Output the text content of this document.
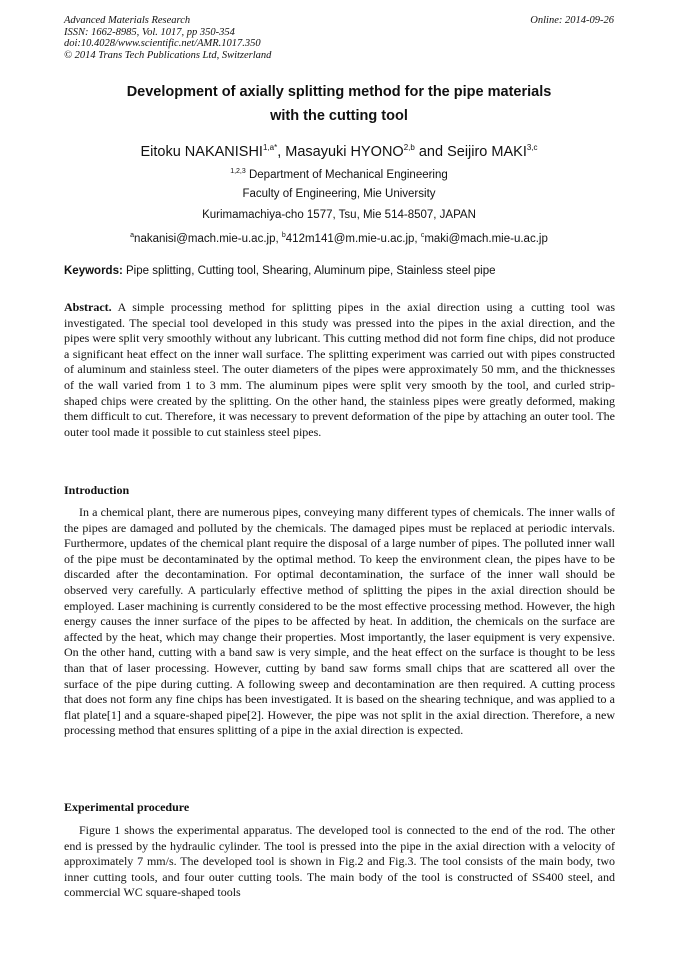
Advanced Materials Research
ISSN: 1662-8985, Vol. 1017, pp 350-354
doi:10.4028/www.scientific.net/AMR.1017.350
© 2014 Trans Tech Publications Ltd, Switzerland
Online: 2014-09-26
Development of axially splitting method for the pipe materials
with the cutting tool
Eitoku $NAKANISHI^{1,a*}$, Masayuki HYONO$^{2,b}$ and Seijiro MAKI$^{3,c}$
$^{1,2,3}$ Department of Mechanical Engineering
Faculty of Engineering, Mie University
Kurimamachiya-cho 1577, Tsu, Mie 514-8507, JAPAN
$^a$nakanisi@mach.mie-u.ac.jp, $^b$412m141@m.mie-u.ac.jp, $^c$maki@mach.mie-u.ac.jp
Keywords: Pipe splitting, Cutting tool, Shearing, Aluminum pipe, Stainless steel pipe

Abstract. A simple processing method for splitting pipes in the axial direction using a cutting tool was investigated. The special tool developed in this study was pressed into the pipes in the axial direction, and the pipes were split very smoothly without any lubricant. This cutting method did not form fine chips, did not produce a significant heat effect on the inner wall surface. The splitting experiment was carried out with pipes constructed of aluminum and stainless steel. The outer diameters of the pipes were approximately 50 mm, and the thicknesses of the wall varied from 1 to 3 mm. The aluminum pipes were split very smooth by the tool, and curled strip-shaped chips were created by the splitting. On the other hand, the stainless pipes were greatly deformed, making them difficult to cut. Therefore, it was necessary to prevent deformation of the pipe by attaching an outer tool. The outer tool made it possible to cut stainless steel pipes.

Introduction

In a chemical plant, there are numerous pipes, conveying many different types of chemicals. The inner walls of the pipes are damaged and polluted by the chemicals. The damaged pipes must be replaced at periodic intervals. Furthermore, updates of the chemical plant require the disposal of a large number of pipes. The polluted inner wall of the pipe must be decontaminated by the optimal method. To keep the environment clean, the pipes have to be discarded after the decontamination. For optimal decontamination, the surface of the inner wall should be observed very carefully. A particularly effective method of splitting the pipes in the axial direction should be employed. Laser machining is currently considered to be the most effective processing method. However, the high energy causes the inner surface of the pipes to be affected by heat. In addition, the chemicals on the surface are affected by the heat, which may change their properties. Most importantly, the laser equipment is very expensive. On the other hand, cutting with a band saw is very simple, and the heat effect on the surface is thought to be less than that of laser processing. However, cutting by band saw forms small chips that are scattered all over the surface of the pipe during cutting. A following sweep and decontamination are then required. A cutting process that does not form any fine chips has been investigated. It is based on the shearing technique, and was applied to a flat plate[1] and a square-shaped pipe[2]. However, the pipe was not split in the axial direction. Therefore, a new processing method that ensures splitting of a pipe in the axial direction is expected.

Experimental procedure

Figure 1 shows the experimental apparatus. The developed tool is connected to the end of the rod. The other end is pressed by the hydraulic cylinder. The tool is pressed into the pipe in the axial direction with a velocity of approximately 7 mm/s. The developed tool is shown in Fig.2 and Fig.3. The tool consists of the main body, two inner cutting tools, and four outer cutting tools. The main body of the tool is constructed of SS400 steel, and commercial WC square-shaped tools
